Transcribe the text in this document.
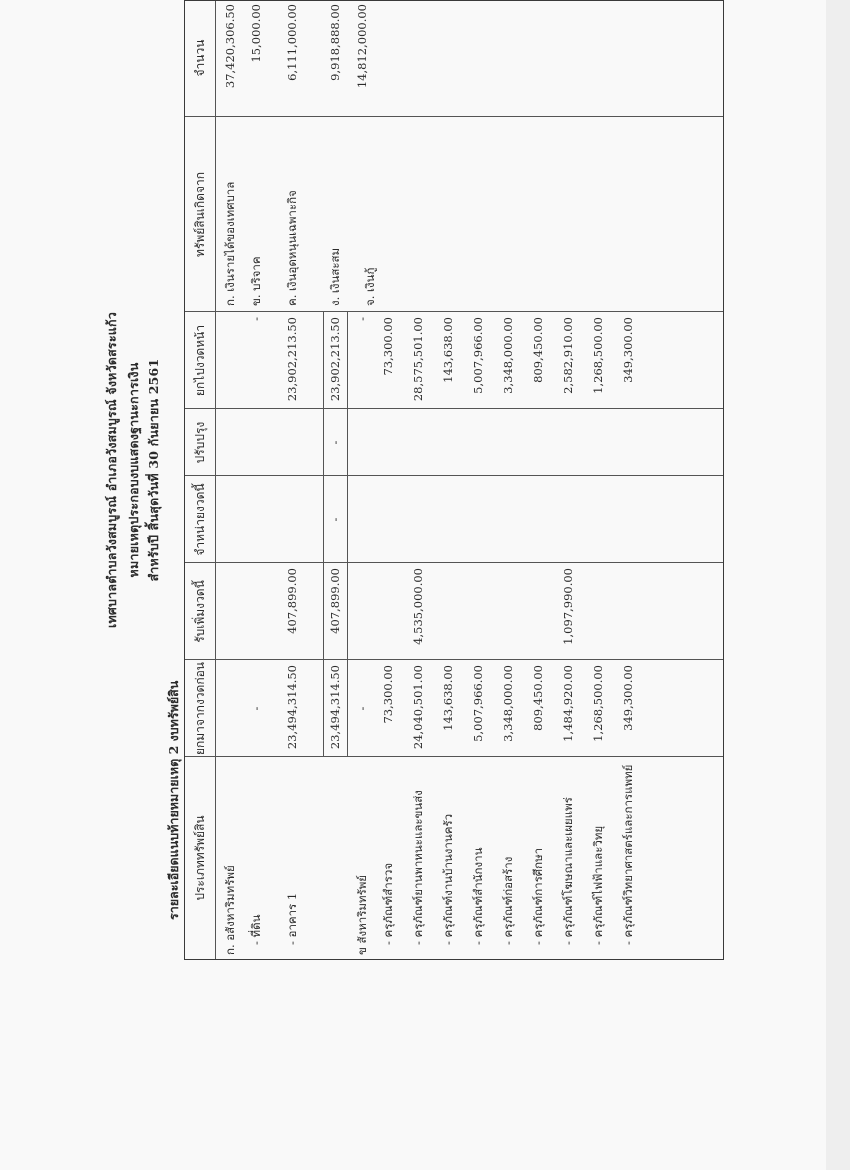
เทศบาลตำบลวังสมบูรณ์ อำเภอวังสมบูรณ์ จังหวัดสระแก้ว หมายเหตุประกอบงบแสดงฐานะการเงิน สำหรับปี สิ้นสุดวันที่ 30 กันยายน 2561
รายละเอียดแนบท้ายหมายเหตุ 2 งบทรัพย์สิน ประเภททรัพย์สิน
ยกมาจากงวดก่อน
รับเพิ่มงวดนี้
จำหน่ายงวดนี้
ปรับปรุง
ยกไปงวดหน้า
ทรัพย์สินเกิดจาก
จำนวน
ก. อสังหาริมทรัพย์
ก. เงินรายได้ของเทศบาล
37,420,306.50
- ที่ดิน
-
-
ข. บริจาค
15,000.00
- อาคาร 1
23,494,314.50
407,899.00
23,902,213.50
ค. เงินอุดหนุนเฉพาะกิจ
6,111,000.00
23,494,314.50
407,899.00
-
-
23,902,213.50
ง. เงินสะสม
9,918,888.00
ข สังหาริมทรัพย์
-
-
จ. เงินกู้
14,812,000.00
- ครุภัณฑ์สำรวจ
73,300.00
73,300.00
- ครุภัณฑ์ยานพาหนะและขนส่ง
24,040,501.00
4,535,000.00
28,575,501.00
- ครุภัณฑ์งานบ้านงานครัว
143,638.00
143,638.00
- ครุภัณฑ์สำนักงาน
5,007,966.00
5,007,966.00
- ครุภัณฑ์ก่อสร้าง
3,348,000.00
3,348,000.00
- ครุภัณฑ์การศึกษา
809,450.00
809,450.00
- ครุภัณฑ์โฆษณาและเผยแพร่
1,484,920.00
1,097,990.00
2,582,910.00
- ครุภัณฑ์ไฟฟ้าและวิทยุ
1,268,500.00
1,268,500.00
- ครุภัณฑ์วิทยาศาสตร์และการแพทย์
349,300.00
349,300.00
